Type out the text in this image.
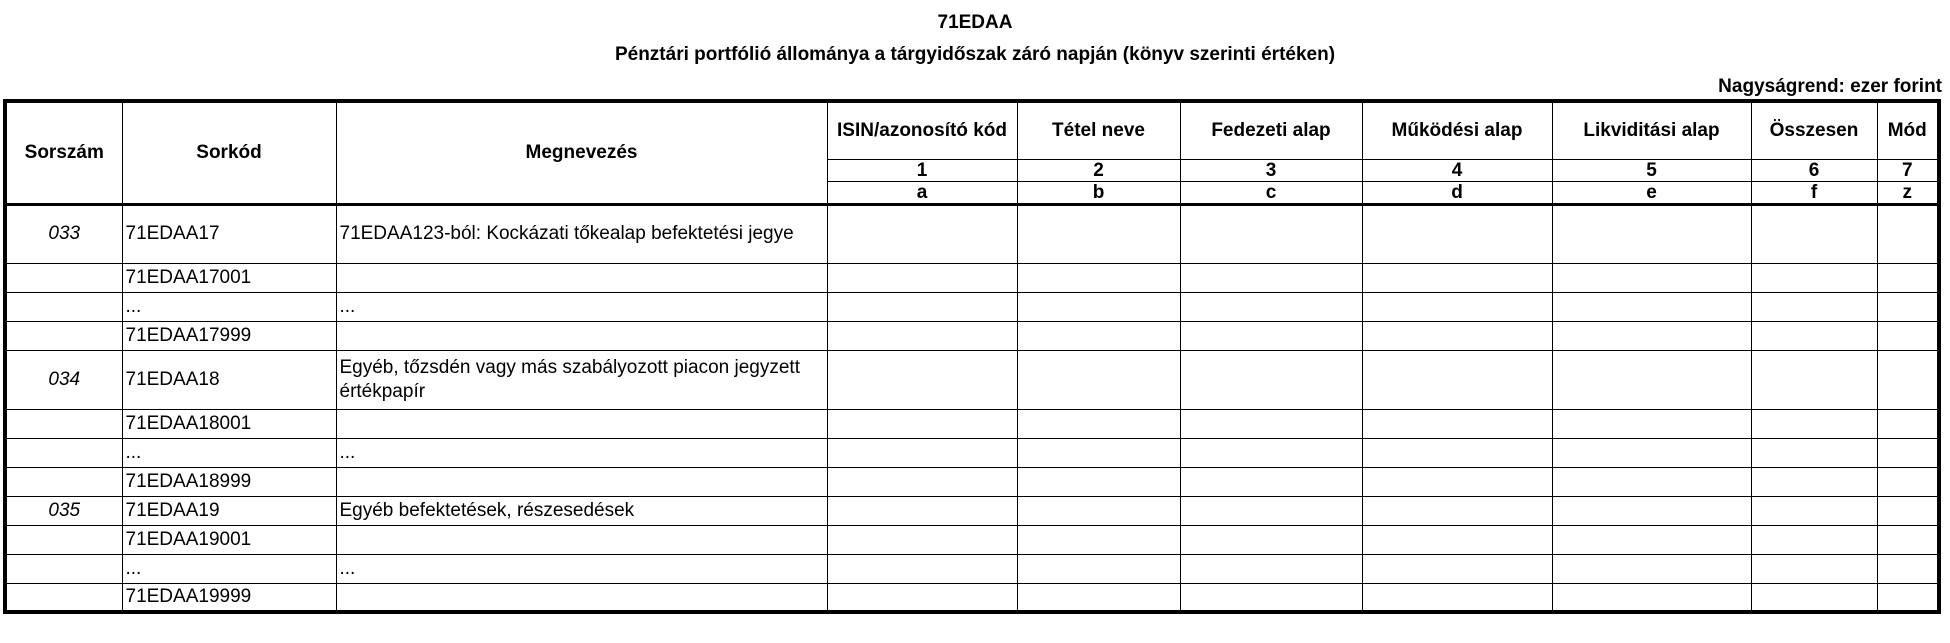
71EDAA
Pénztári portfólió állománya a tárgyidőszak záró napján (könyv szerinti értéken)
Nagyságrend: ezer forint
Sorszám	Sorkód	Megnevezés	ISIN/azonosító kód	Tétel neve	Fedezeti alap	Működési alap	Likviditási alap	Összesen	Mód
			1	2	3	4	5	6	7
			a	b	c	d	e	f	z
033	71EDAA17	71EDAA123-ból: Kockázati tőkealap befektetési jegye							
	71EDAA17001								
	...	...							
	71EDAA17999								
034	71EDAA18	Egyéb, tőzsdén vagy más szabályozott piacon jegyzett értékpapír							
	71EDAA18001								
	...	...							
	71EDAA18999								
035	71EDAA19	Egyéb befektetések, részesedések							
	71EDAA19001								
	...	...							
	71EDAA19999								
